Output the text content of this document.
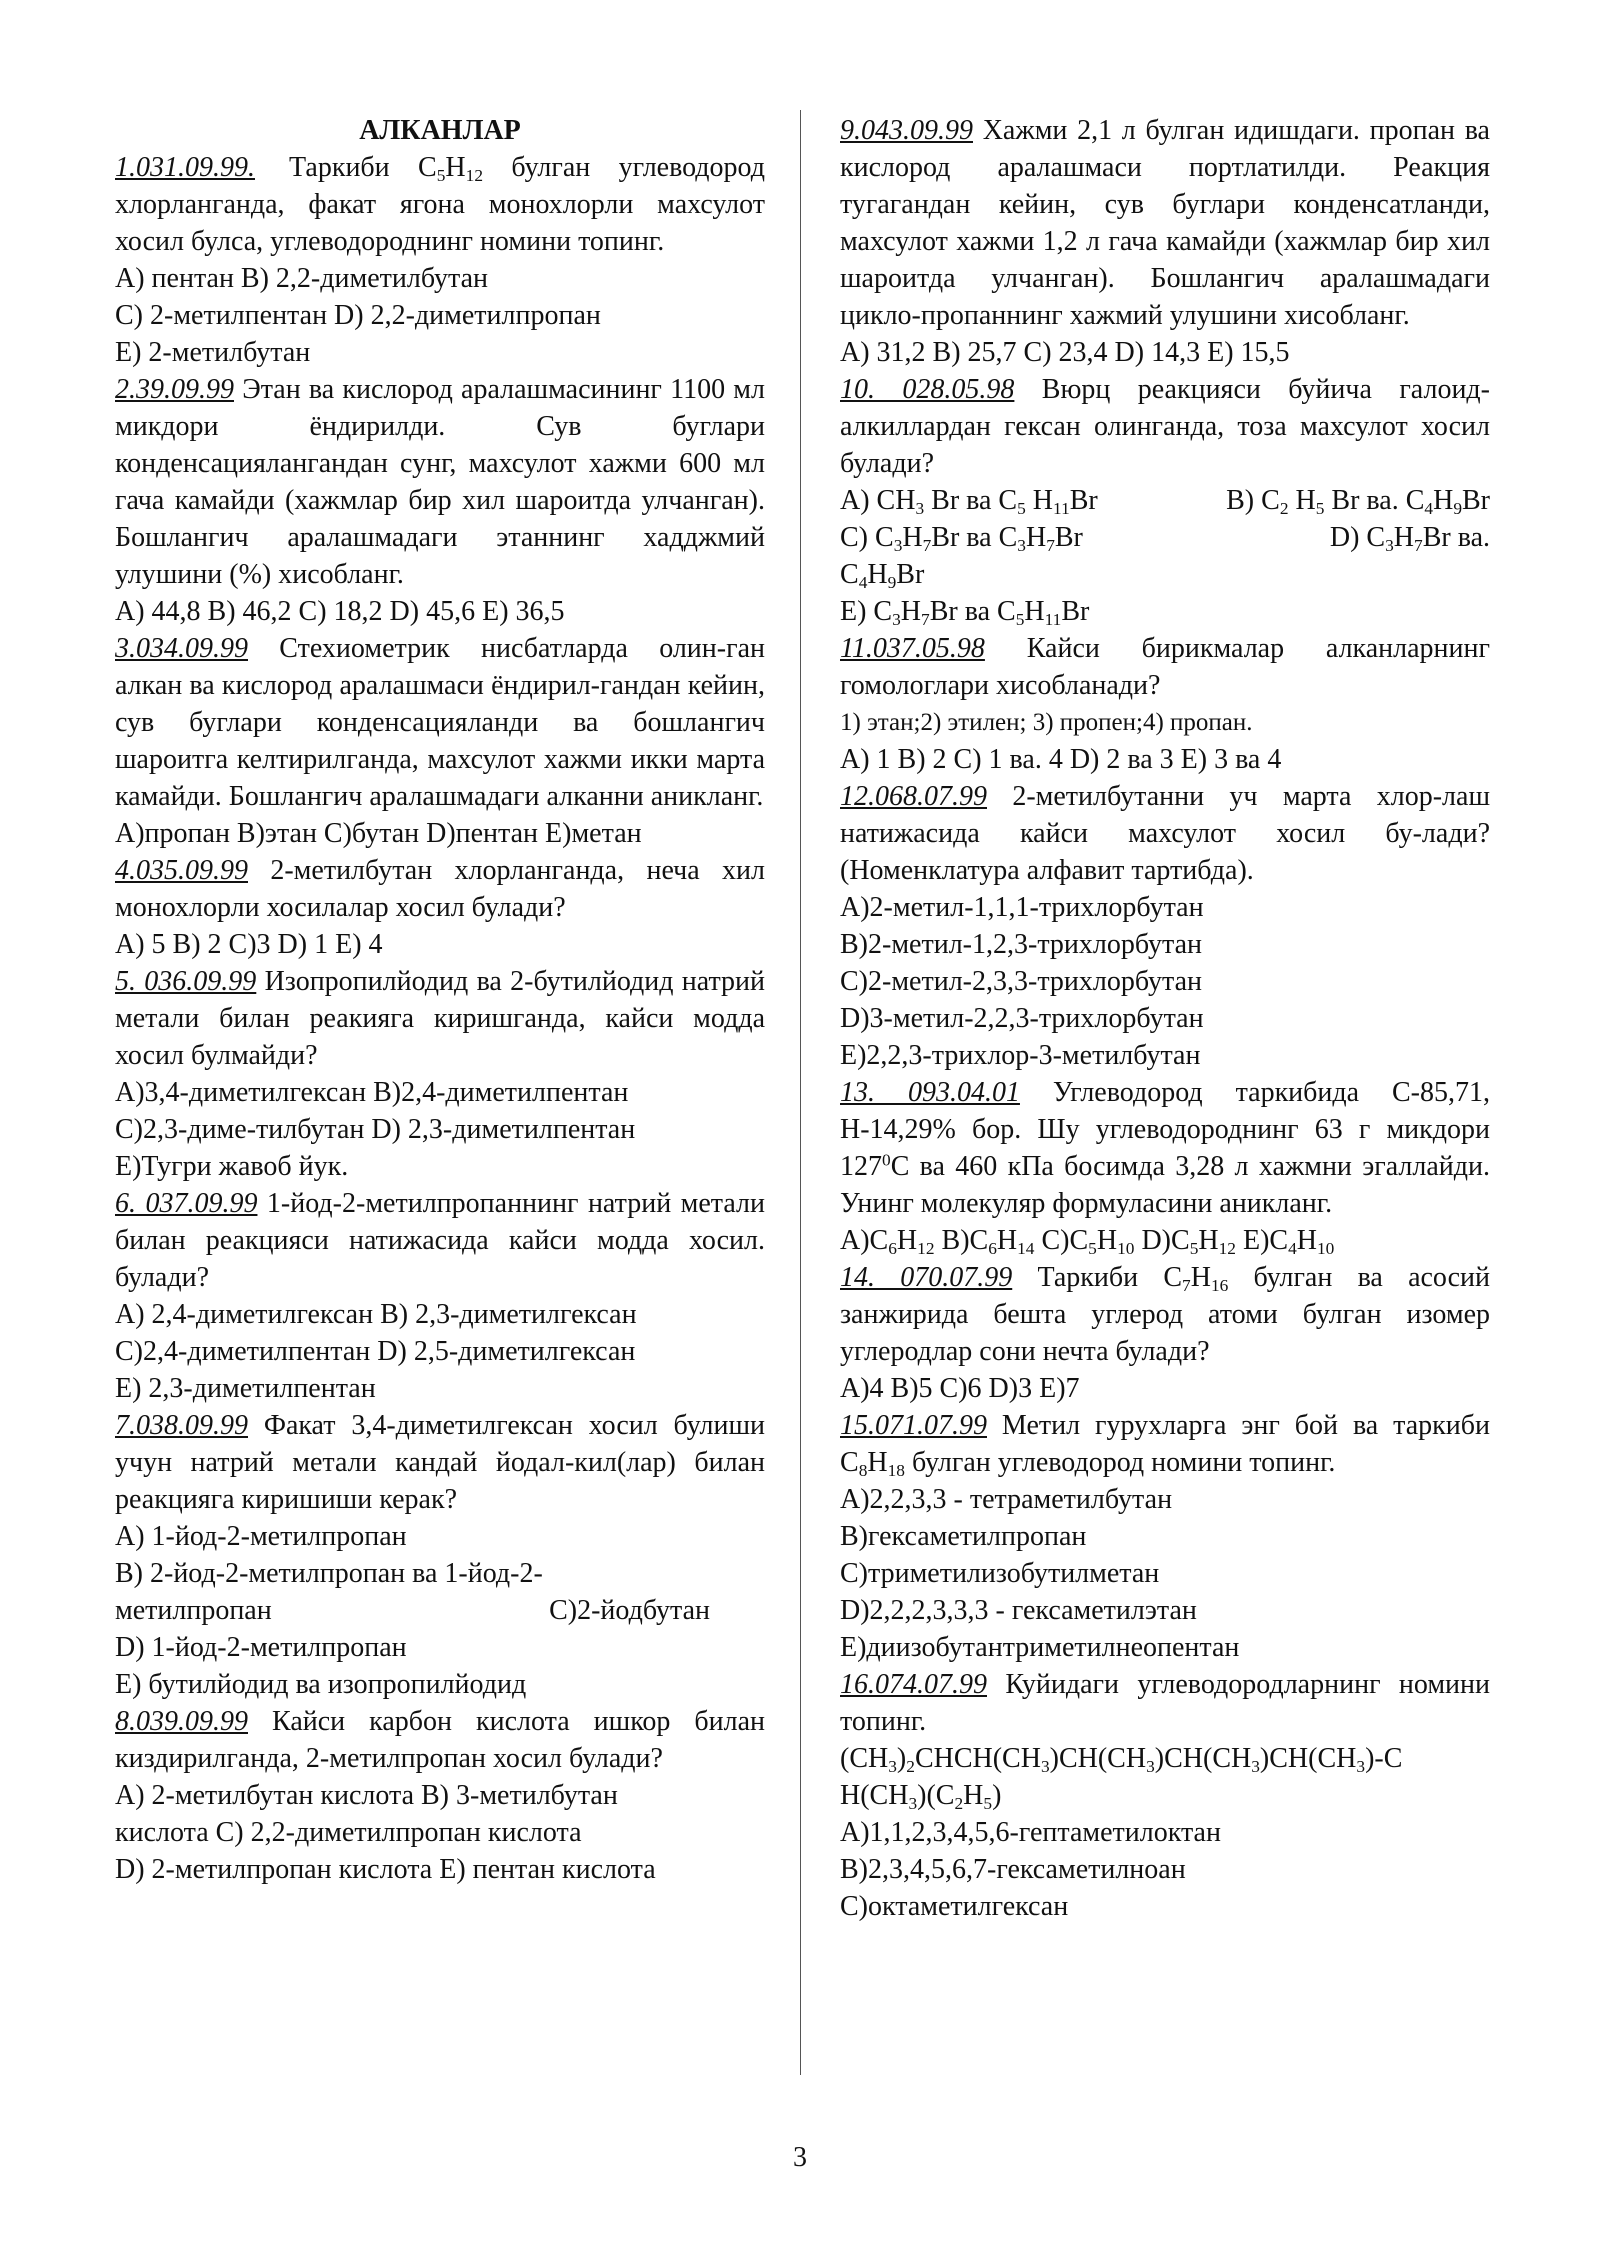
АЛКАНЛАР

1.031.09.99. Таркиби $С_5Н_{12}$ булган углеводород хлорланганда, факат ягона монохлорли махсулот хосил булса, углеводороднинг номини топинг.

A) пентан B) 2,2-диметилбутан

C) 2-метилпентан D) 2,2-диметилпропан

E) 2-метилбутан

2.39.09.99 Этан ва кислород аралашмасининг 1100 мл микдори ёндирилди. Сув буглари конденсациялангандан сунг, махсулот хажми 600 мл гача камайди (хажмлар бир хил шароитда улчанган). Бошлангич аралашмадаги этаннинг хадджмий улушини (%) хисобланг.

A) 44,8 B) 46,2 C) 18,2 D) 45,6 E) 36,5

3.034.09.99 Стехиометрик нисбатларда олин-ган алкан ва кислород аралашмаси ёндирил-гандан кейин, сув буглари конденсацияланди ва бошлангич шароитга келтирилганда, махсулот хажми икки марта камайди. Бошлангич аралашмадаги алканни аникланг.

A)пропан B)этан C)бутан D)пентан E)метан

4.035.09.99 2-метилбутан хлорланганда, неча хил монохлорли хосилалар хосил булади?

A) 5 B) 2 C)3 D) 1 E) 4

5. 036.09.99 Изопропилйодид ва 2-бутилйодид натрий метали билан реакияга киришганда, кайси модда хосил булмайди?

A)3,4-диметилгексан B)2,4-диметилпентан

C)2,3-диме-тилбутан D) 2,3-диметилпентан

E)Тугри жавоб йук.

6. 037.09.99 1-йод-2-метилпропаннинг натрий метали билан реакцияси натижасида кайси модда хосил. булади?

A) 2,4-диметилгексан B) 2,3-диметилгексан

C)2,4-диметилпентан D) 2,5-диметилгексан

E) 2,3-диметилпентан

7.038.09.99 Факат 3,4-диметилгексан хосил булиши учун натрий метали кандай йодал-кил(лар) билан реакцияга киришиши керак?

A) 1-йод-2-метилпропан

B) 2-йод-2-метилпропан ва 1-йод-2-

метилпропан	C)2-йодбутан

D) 1-йод-2-метилпропан

E) бутилйодид ва изопропилйодид

8.039.09.99 Кайси карбон кислота ишкор билан киздирилганда, 2-метилпропан хосил булади?

A) 2-метилбутан кислота B) 3-метилбутан

кислота C) 2,2-диметилпропан кислота

D) 2-метилпропан кислота E) пентан кислота

9.043.09.99 Хажми 2,1 л булган идишдаги. пропан ва кислород аралашмаси портлатилди. Реакция тугагандан кейин, сув буглари конденсатланди, махсулот хажми 1,2 л гача камайди (хажмлар бир хил шароитда улчанган). Бошлангич аралашмадаги цикло-пропаннинг хажмий улушини хисобланг.

A) 31,2 B) 25,7 C) 23,4 D) 14,3 E) 15,5

10. 028.05.98 Вюрц реакцияси буйича галоид-алкиллардан гексан олинганда, тоза махсулот хосил булади?

A) $CH_3$ Br ва $C_5$ $H_{11}Br$	B) $C_2$ $H_5$ Br ва. $C_4H_9Br$

C) $C_3H_7Br$ ва $C_3H_7Br$	D) $C_3H_7Br$ ва.

$C_4H_9Br$

E) $C_3H_7Br$ ва $C_5H_{11}Br$

11.037.05.98 Кайси бирикмалар алканларнинг гомологлари хисобланади?

1) этан;2) этилен; 3) пропен;4) пропан.

A) 1 B) 2 C) 1 ва. 4 D) 2 ва 3 E) 3 ва 4

12.068.07.99 2-метилбутанни уч марта хлор-лаш натижасида кайси махсулот хосил бу-лади? (Номенклатура алфавит тартибда).

A)2-метил-1,1,1-трихлорбутан

B)2-метил-1,2,3-трихлорбутан

C)2-метил-2,3,3-трихлорбутан

D)3-метил-2,2,3-трихлорбутан

E)2,2,3-трихлор-3-метилбутан

13. 093.04.01 Углеводород таркибида С-85,71, Н-14,29% бор. Шу углеводороднинг 63 г микдори $127^0С$ ва 460 кПа босимда 3,28 л хажмни эгаллайди. Унинг молекуляр формуласини аникланг.

$A)C_6H_{12}$ $B)C_6H_{14}$ $C)C_5H_{10}$ $D)C_5H_{12}$ $E)C_4H_{10}$

14. 070.07.99 Таркиби $С_7Н_{16}$ булган ва асосий занжирида бешта углерод атоми булган изомер углеродлар сони нечта булади?

A)4 B)5 C)6 D)3 E)7

15.071.07.99 Метил гурухларга энг бой ва таркиби $С_8Н_{18}$ булган углеводород номини топинг.

A)2,2,3,3 - тетраметилбутан

B)гексаметилпропан

C)триметилизобутилметан

D)2,2,2,3,3,3 - гексаметилэтан

E)диизобутантриметилнеопентан

16.074.07.99 Куйидаги углеводородларнинг номини топинг.

$(CH_3)_2CHCH(CH_3)CH(CH_3)CH(CH_3)CH(CH_3)-C$

$H(CH_3)(C_2H_5)$

A)1,1,2,3,4,5,6-гептаметилоктан

B)2,3,4,5,6,7-гексаметилноан

C)октаметилгексан

3
